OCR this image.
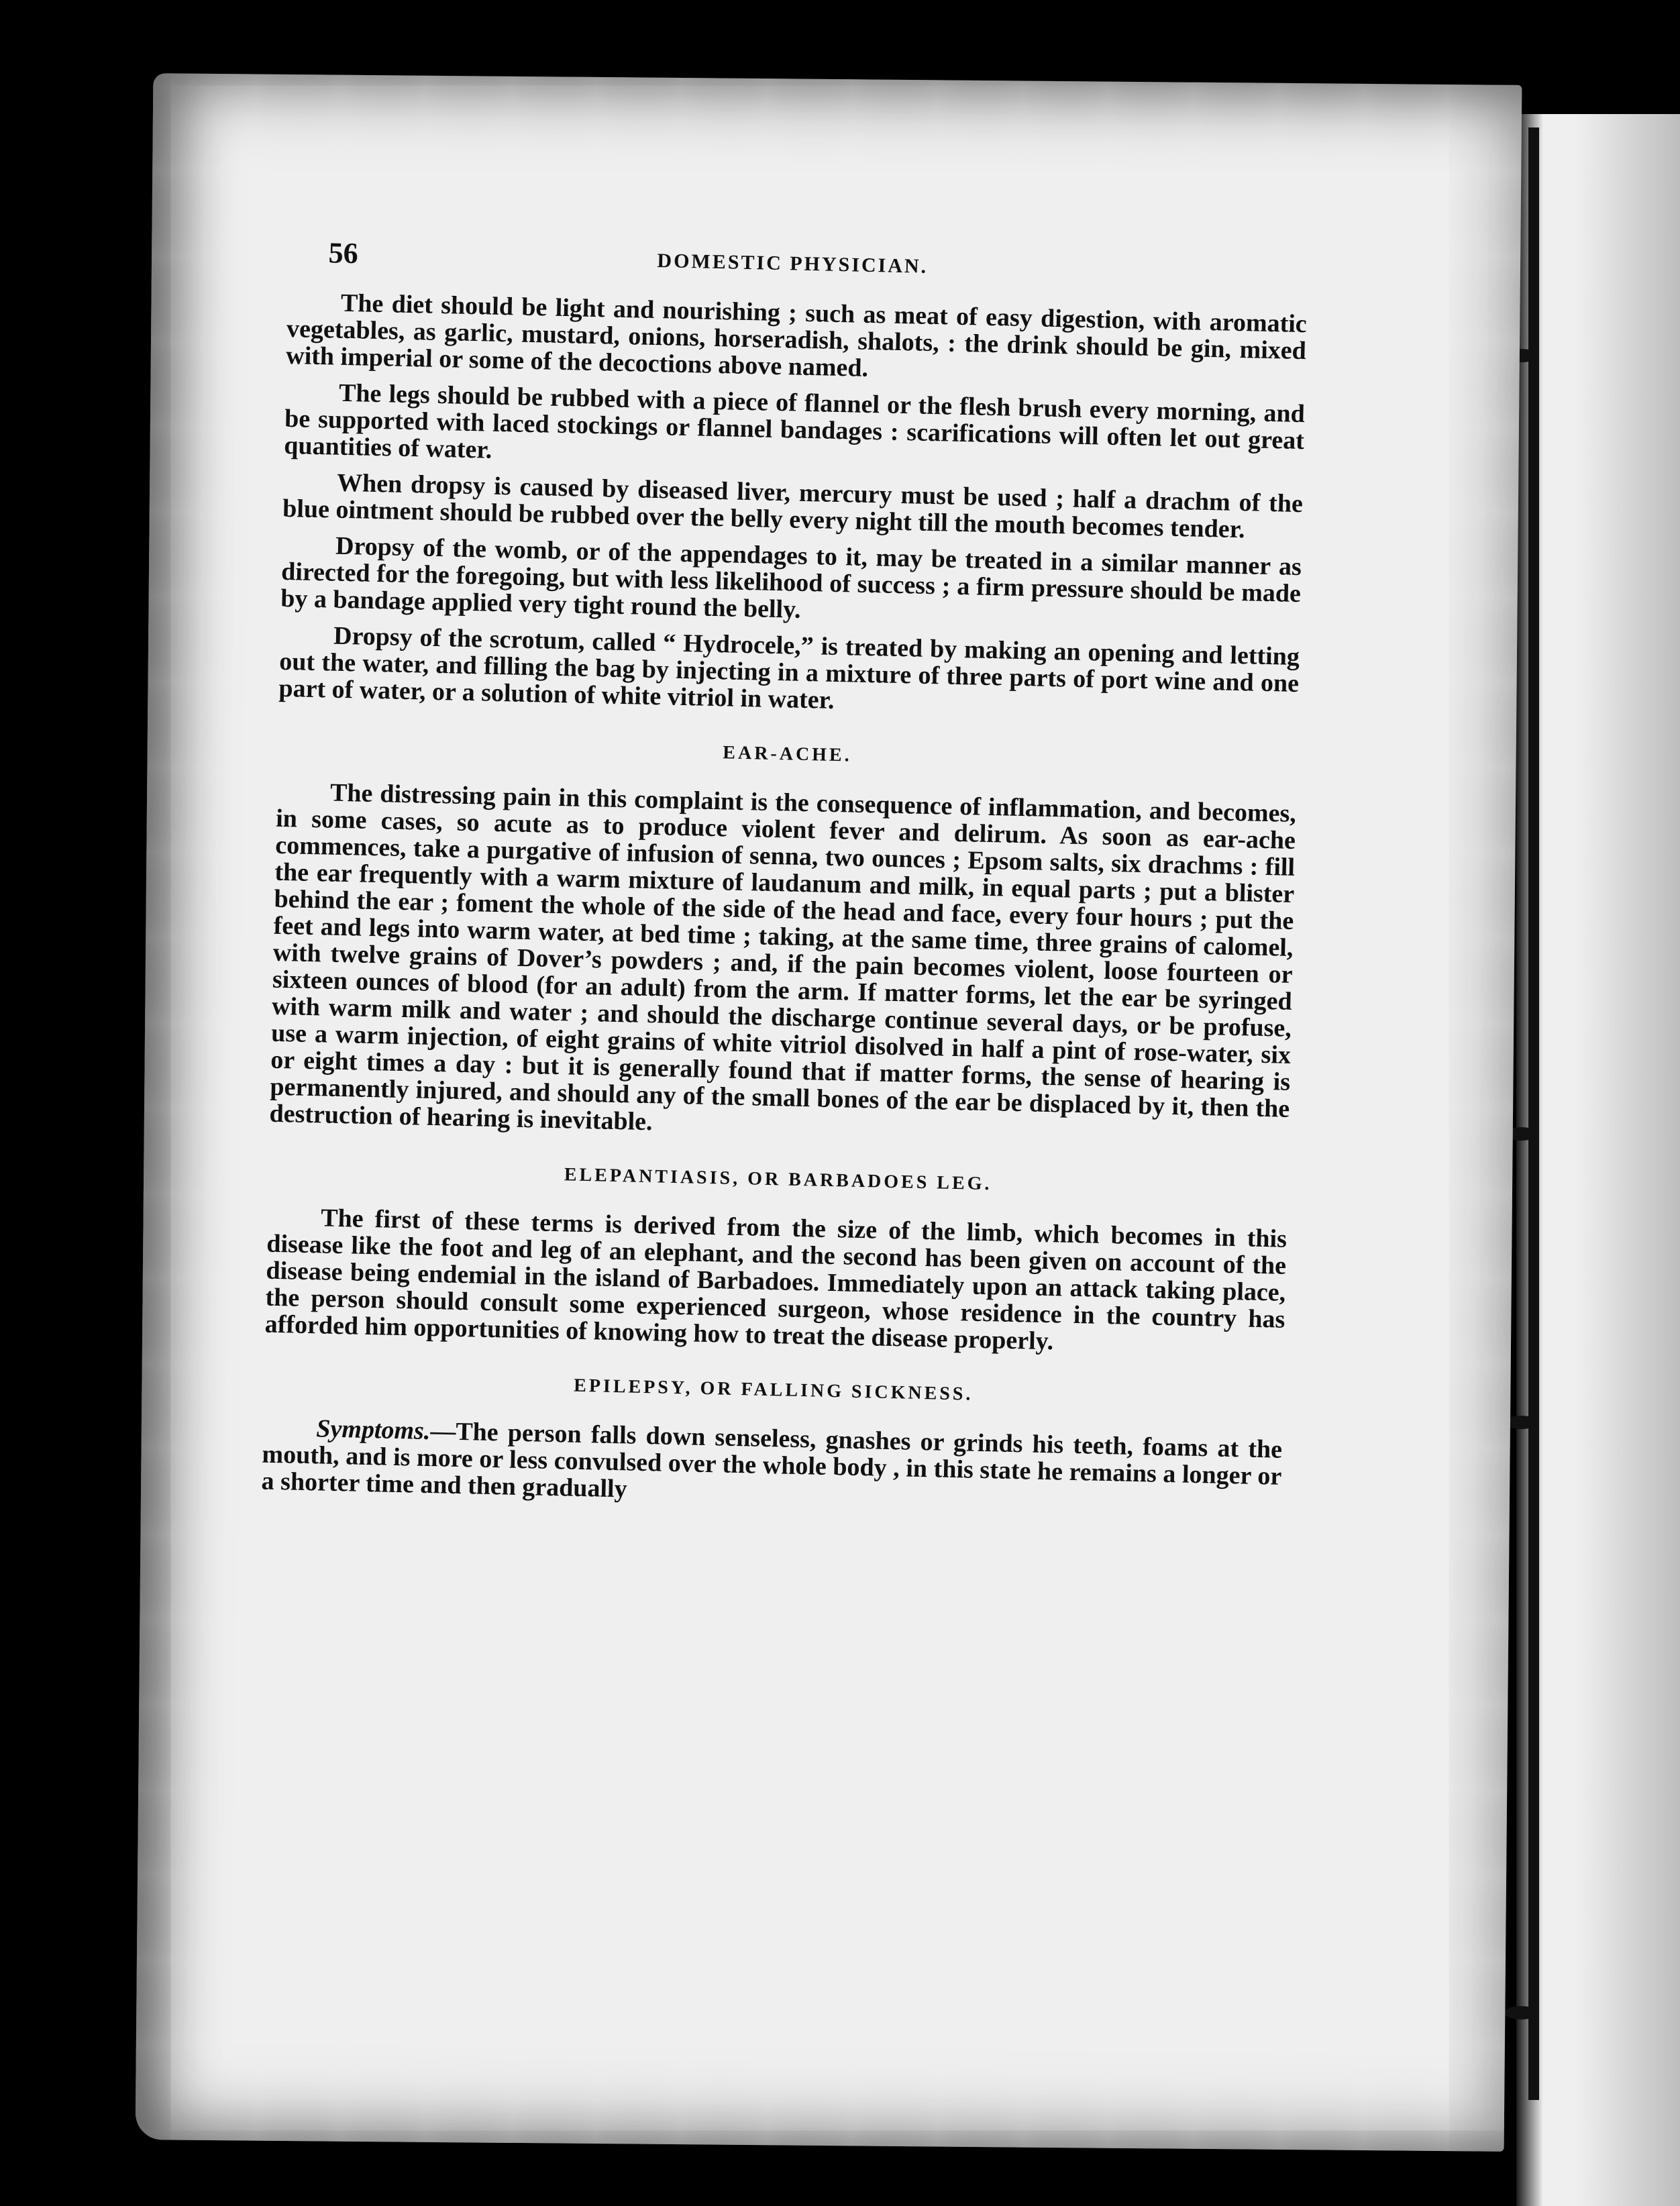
56	DOMESTIC PHYSICIAN.

The diet should be light and nourishing ; such as meat of easy digestion, with aromatic vegetables, as garlic, mustard, onions, horseradish, shalots, : the drink should be gin, mixed with imperial or some of the decoctions above named.

The legs should be rubbed with a piece of flannel or the flesh brush every morning, and be supported with laced stockings or flannel bandages : scarifications will often let out great quantities of water.

When dropsy is caused by diseased liver, mercury must be used ; half a drachm of the blue ointment should be rubbed over the belly every night till the mouth becomes tender.

Dropsy of the womb, or of the appendages to it, may be treated in a similar manner as directed for the foregoing, but with less likelihood of success ; a firm pressure should be made by a bandage applied very tight round the belly.

Dropsy of the scrotum, called “ Hydrocele,” is treated by making an opening and letting out the water, and filling the bag by injecting in a mixture of three parts of port wine and one part of water, or a solution of white vitriol in water.

EAR-ACHE.

The distressing pain in this complaint is the consequence of inflammation, and becomes, in some cases, so acute as to produce violent fever and delirum. As soon as ear-ache commences, take a purgative of infusion of senna, two ounces ; Epsom salts, six drachms : fill the ear frequently with a warm mixture of laudanum and milk, in equal parts ; put a blister behind the ear ; foment the whole of the side of the head and face, every four hours ; put the feet and legs into warm water, at bed time ; taking, at the same time, three grains of calomel, with twelve grains of Dover’s powders ; and, if the pain becomes violent, loose fourteen or sixteen ounces of blood (for an adult) from the arm. If matter forms, let the ear be syringed with warm milk and water ; and should the discharge continue several days, or be profuse, use a warm injection, of eight grains of white vitriol disolved in half a pint of rose-water, six or eight times a day : but it is generally found that if matter forms, the sense of hearing is permanently injured, and should any of the small bones of the ear be displaced by it, then the destruction of hearing is inevitable.

ELEPANTIASIS, OR BARBADOES LEG.

The first of these terms is derived from the size of the limb, which becomes in this disease like the foot and leg of an elephant, and the second has been given on account of the disease being endemial in the island of Barbadoes. Immediately upon an attack taking place, the person should consult some experienced surgeon, whose residence in the country has afforded him opportunities of knowing how to treat the disease properly.

EPILEPSY, OR FALLING SICKNESS.

Symptoms.—The person falls down senseless, gnashes or grinds his teeth, foams at the mouth, and is more or less convulsed over the whole body , in this state he remains a longer or a shorter time and then gradually
